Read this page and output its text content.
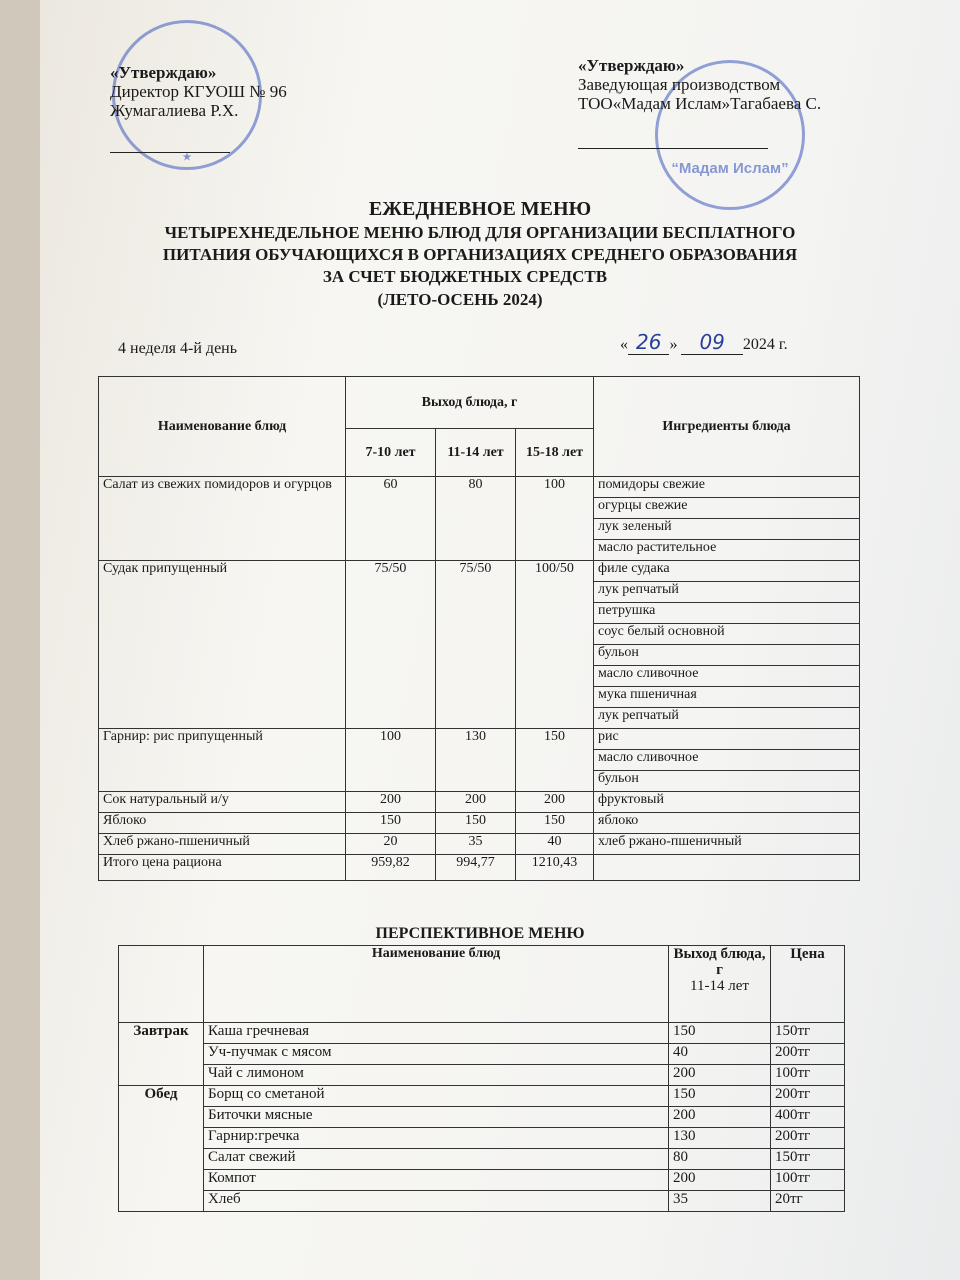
★
“Мадам Ислам”
«Утверждаю»
Директор КГУОШ № 96
Жумагалиева Р.Х.
«Утверждаю»
Заведующая производством
ТОО«Мадам Ислам»Тагабаева С.
ЕЖЕДНЕВНОЕ МЕНЮ
ЧЕТЫРЕХНЕДЕЛЬНОЕ МЕНЮ БЛЮД ДЛЯ ОРГАНИЗАЦИИ БЕСПЛАТНОГО
ПИТАНИЯ ОБУЧАЮЩИХСЯ В ОРГАНИЗАЦИЯХ СРЕДНЕГО ОБРАЗОВАНИЯ
ЗА СЧЕТ БЮДЖЕТНЫХ СРЕДСТВ
(ЛЕТО-ОСЕНЬ 2024)
4 неделя 4-й день	« 26 » 09 2024 г.
Наименование блюд	Выход блюда, г			Ингредиенты блюда
	7-10 лет	11-14 лет	15-18 лет	
Салат из свежих помидоров и огурцов	60	80	100	помидоры свежие
				огурцы свежие
				лук зеленый
				масло растительное
Судак припущенный	75/50	75/50	100/50	филе судака
				лук репчатый
				петрушка
				соус белый основной
				бульон
				масло сливочное
				мука пшеничная
				лук репчатый
Гарнир: рис припущенный	100	130	150	рис
				масло сливочное
				бульон
Сок натуральный и/у	200	200	200	фруктовый
Яблоко	150	150	150	яблоко
Хлеб ржано-пшеничный	20	35	40	хлеб ржано-пшеничный
Итого цена рациона	959,82	994,77	1210,43	
ПЕРСПЕКТИВНОЕ МЕНЮ
	Наименование блюд	Выход блюда, г
11-14 лет	Цена
Завтрак	Каша гречневая	150	150тг
	Уч-пучмак с мясом	40	200тг
	Чай с лимоном	200	100тг
Обед	Борщ со сметаной	150	200тг
	Биточки мясные	200	400тг
	Гарнир:гречка	130	200тг
	Салат свежий	80	150тг
	Компот	200	100тг
	Хлеб	35	20тг
